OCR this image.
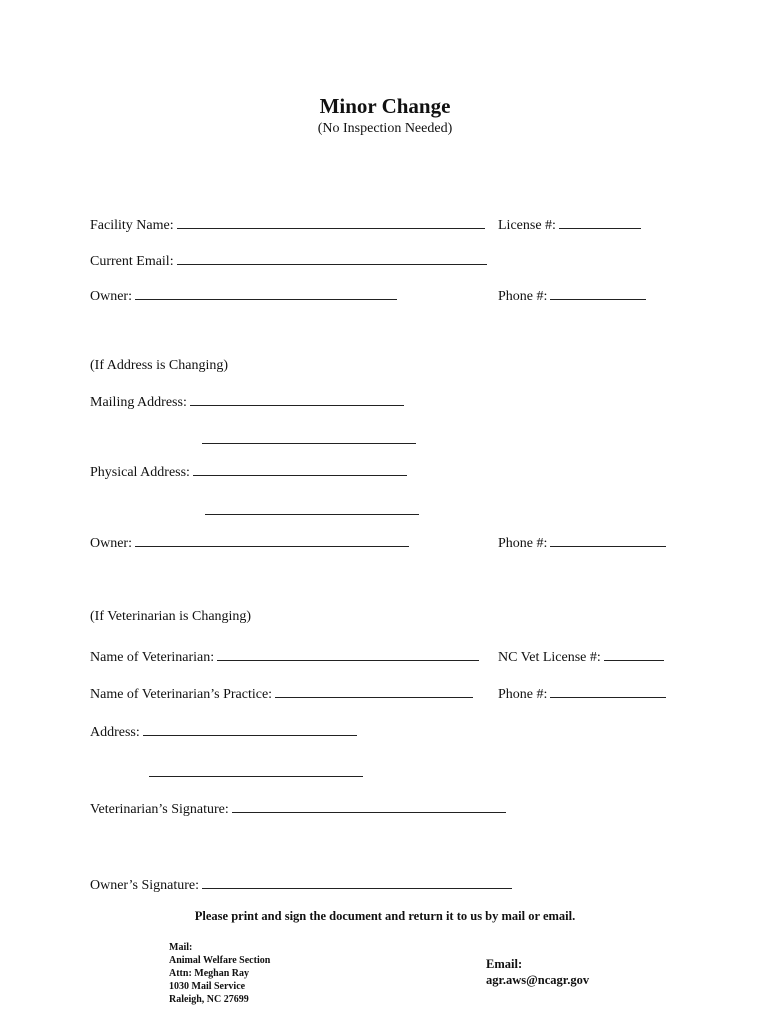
Minor Change
(No Inspection Needed)
Facility Name:	License #:
Current Email:
Owner:	Phone #:
(If Address is Changing)
Mailing Address:
Physical Address:
Owner:	Phone #:
(If Veterinarian is Changing)
Name of Veterinarian:	NC Vet License #:
Name of Veterinarian’s Practice:	Phone #:
Address:
Veterinarian’s Signature:
Owner’s Signature:
Please print and sign the document and return it to us by mail or email.
Mail:
Animal Welfare Section
Attn: Meghan Ray
1030 Mail Service
Raleigh, NC 27699
Email:
agr.aws@ncagr.gov
